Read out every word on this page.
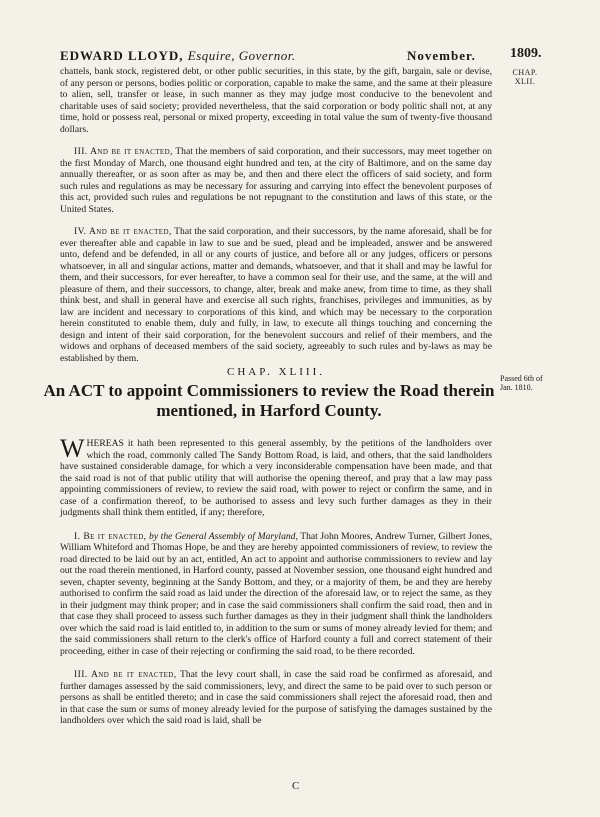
EDWARD LLOYD, Esquire, Governor.	November. 1809.
CHAP. XLII.

chattels, bank stock, registered debt, or other public securities, in this state, by the gift, bargain, sale or devise, of any person or persons, bodies politic or corporation, capable to make the same, and the same at their pleasure to alien, sell, transfer or lease, in such manner as they may judge most conducive to the benevolent and charitable uses of said society; provided nevertheless, that the said corporation or body politic shall not, at any time, hold or possess real, personal or mixed property, exceeding in total value the sum of twenty-five thousand dollars.

III. And be it enacted, That the members of said corporation, and their successors, may meet together on the first Monday of March, one thousand eight hundred and ten, at the city of Baltimore, and on the same day annually thereafter, or as soon after as may be, and then and there elect the officers of said society, and form such rules and regulations as may be necessary for assuring and carrying into effect the benevolent purposes of this act, provided such rules and regulations be not repugnant to the constitution and laws of this state, or the United States.

IV. And be it enacted, That the said corporation, and their successors, by the name aforesaid, shall be for ever thereafter able and capable in law to sue and be sued, plead and be impleaded, answer and be answered unto, defend and be defended, in all or any courts of justice, and before all or any judges, officers or persons whatsoever, in all and singular actions, matter and demands, whatsoever, and that it shall and may be lawful for them, and their successors, for ever hereafter, to have a common seal for their use, and the same, at the will and pleasure of them, and their successors, to change, alter, break and make anew, from time to time, as they shall think best, and shall in general have and exercise all such rights, franchises, privileges and immunities, as by law are incident and necessary to corporations of this kind, and which may be necessary to the corporation herein constituted to enable them, duly and fully, in law, to execute all things touching and concerning the design and intent of their said corporation, for the benevolent succours and relief of their members, and the widows and orphans of deceased members of the said society, agreeably to such rules and by-laws as may be established by them.

CHAP. XLIII.
Passed 6th of Jan. 1810.
An ACT to appoint Commissioners to review the Road therein mentioned, in Harford County.

WHEREAS it hath been represented to this general assembly, by the petitions of the landholders over which the road, commonly called The Sandy Bottom Road, is laid, and others, that the said landholders have sustained considerable damage, for which a very inconsiderable compensation have been made, and that the said road is not of that public utility that will authorise the opening thereof, and pray that a law may pass appointing commissioners of review, to review the said road, with power to reject or confirm the same, and in case of a confirmation thereof, to be authorised to assess and levy such further damages as they in their judgments shall think them entitled, if any; therefore,

I. Be it enacted, by the General Assembly of Maryland, That John Moores, Andrew Turner, Gilbert Jones, William Whiteford and Thomas Hope, be and they are hereby appointed commissioners of review, to review the road directed to be laid out by an act, entitled, An act to appoint and authorise commissioners to review and lay out the road therein mentioned, in Harford county, passed at November session, one thousand eight hundred and seven, chapter seventy, beginning at the Sandy Bottom, and they, or a majority of them, be and they are hereby authorised to confirm the said road as laid under the direction of the aforesaid law, or to reject the same, as they in their judgment may think proper; and in case the said commissioners shall confirm the said road, then and in that case they shall proceed to assess such further damages as they in their judgment shall think the landholders over which the said road is laid entitled to, in addition to the sum or sums of money already levied for them; and the said commissioners shall return to the clerk's office of Harford county a full and correct statement of their proceeding, either in case of their rejecting or confirming the said road, to be there recorded.

III. And be it enacted, That the levy court shall, in case the said road be confirmed as aforesaid, and further damages assessed by the said commissioners, levy, and direct the same to be paid over to such person or persons as shall be entitled thereto; and in case the said commissioners shall reject the aforesaid road, then and in that case the sum or sums of money already levied for the purpose of satisfying the damages sustained by the landholders over which the said road is laid, shall be

C
